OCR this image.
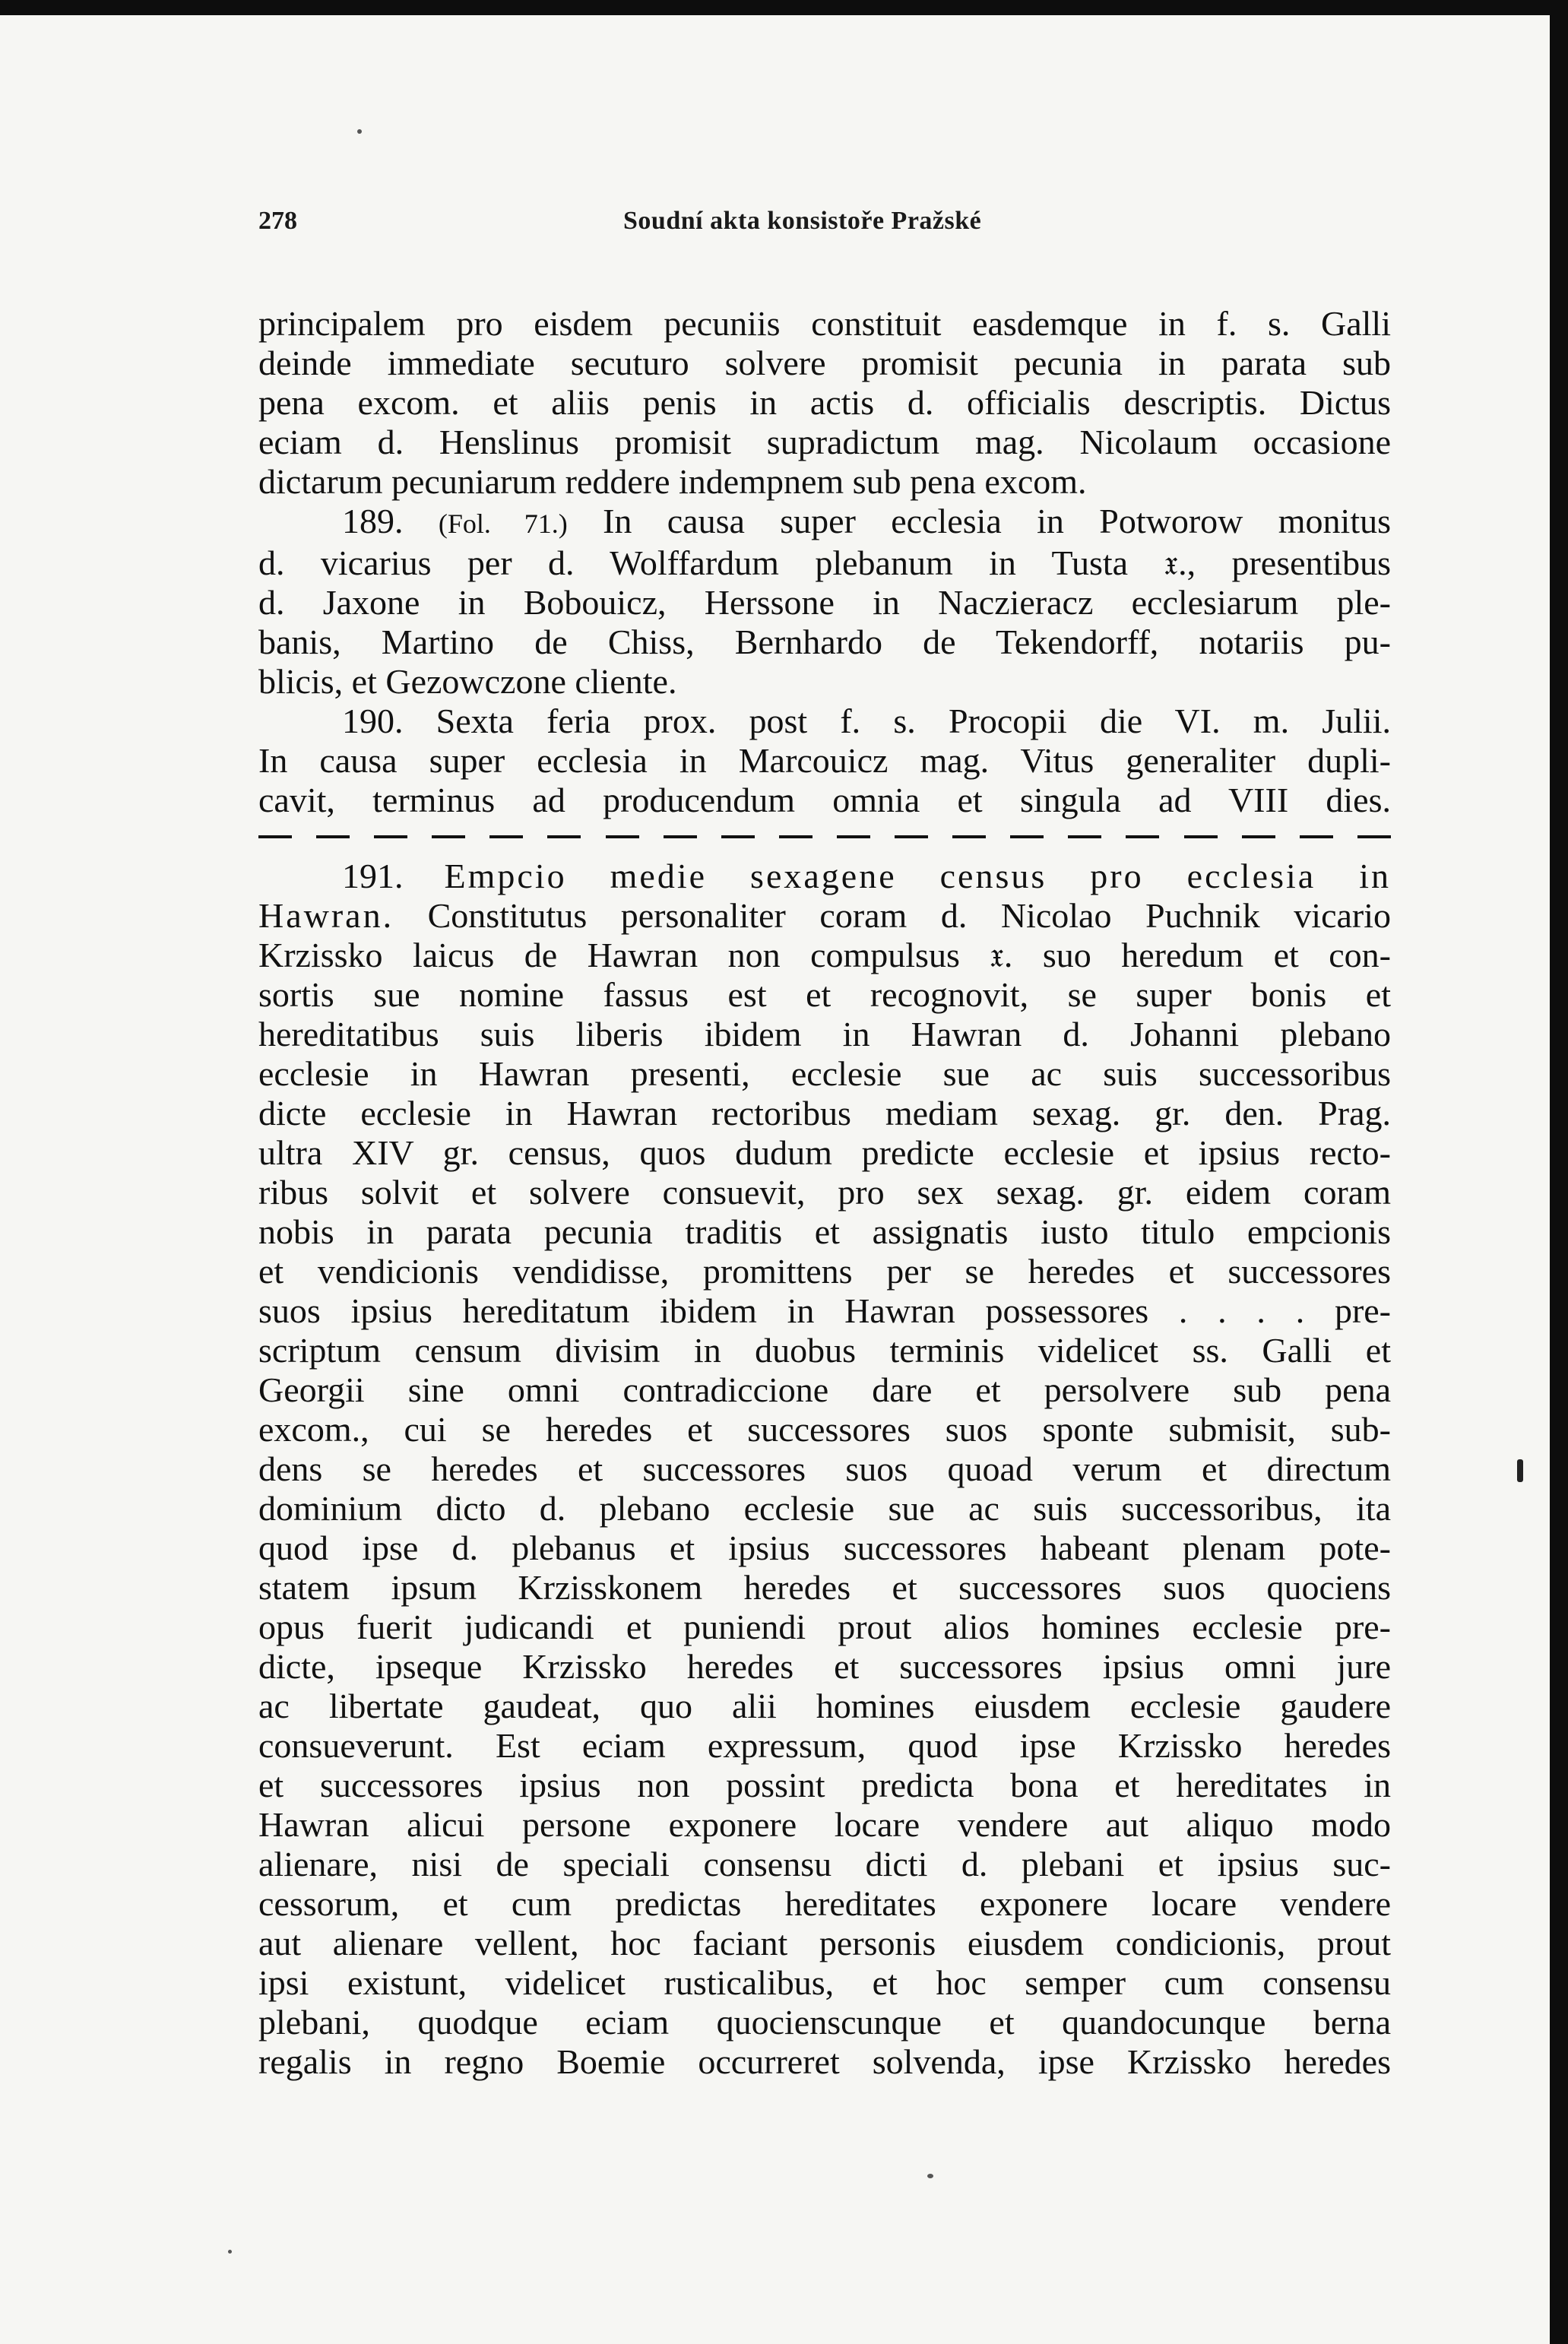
278	Soudní akta konsistoře Pražské
principalem pro eisdem pecuniis constituit easdemque in f. s. Galli
deinde immediate secuturo solvere promisit pecunia in parata sub
pena excom. et aliis penis in actis d. officialis descriptis. Dictus
eciam d. Henslinus promisit supradictum mag. Nicolaum occasione
dictarum pecuniarum reddere indempnem sub pena excom.
189. (Fol. 71.) In causa super ecclesia in Potworow monitus
d. vicarius per d. Wolffardum plebanum in Tusta 𝔵., presentibus
d. Jaxone in Bobouicz, Herssone in Naczieracz ecclesiarum ple-
banis, Martino de Chiss, Bernhardo de Tekendorff, notariis pu-
blicis, et Gezowczone cliente.
190. Sexta feria prox. post f. s. Procopii die VI. m. Julii.
In causa super ecclesia in Marcouicz mag. Vitus generaliter dupli-
cavit, terminus ad producendum omnia et singula ad VIII dies.
191. Empcio medie sexagene census pro ecclesia in
Hawran. Constitutus personaliter coram d. Nicolao Puchnik vicario
Krzissko laicus de Hawran non compulsus 𝔵. suo heredum et con-
sortis sue nomine fassus est et recognovit, se super bonis et
hereditatibus suis liberis ibidem in Hawran d. Johanni plebano
ecclesie in Hawran presenti, ecclesie sue ac suis successoribus
dicte ecclesie in Hawran rectoribus mediam sexag. gr. den. Prag.
ultra XIV gr. census, quos dudum predicte ecclesie et ipsius recto-
ribus solvit et solvere consuevit, pro sex sexag. gr. eidem coram
nobis in parata pecunia traditis et assignatis iusto titulo empcionis
et vendicionis vendidisse, promittens per se heredes et successores
suos ipsius hereditatum ibidem in Hawran possessores . . . . pre-
scriptum censum divisim in duobus terminis videlicet ss. Galli et
Georgii sine omni contradiccione dare et persolvere sub pena
excom., cui se heredes et successores suos sponte submisit, sub-
dens se heredes et successores suos quoad verum et directum
dominium dicto d. plebano ecclesie sue ac suis successoribus, ita
quod ipse d. plebanus et ipsius successores habeant plenam pote-
statem ipsum Krzisskonem heredes et successores suos quociens
opus fuerit judicandi et puniendi prout alios homines ecclesie pre-
dicte, ipseque Krzissko heredes et successores ipsius omni jure
ac libertate gaudeat, quo alii homines eiusdem ecclesie gaudere
consueverunt. Est eciam expressum, quod ipse Krzissko heredes
et successores ipsius non possint predicta bona et hereditates in
Hawran alicui persone exponere locare vendere aut aliquo modo
alienare, nisi de speciali consensu dicti d. plebani et ipsius suc-
cessorum, et cum predictas hereditates exponere locare vendere
aut alienare vellent, hoc faciant personis eiusdem condicionis, prout
ipsi existunt, videlicet rusticalibus, et hoc semper cum consensu
plebani, quodque eciam quocienscunque et quandocunque berna
regalis in regno Boemie occurreret solvenda, ipse Krzissko heredes
